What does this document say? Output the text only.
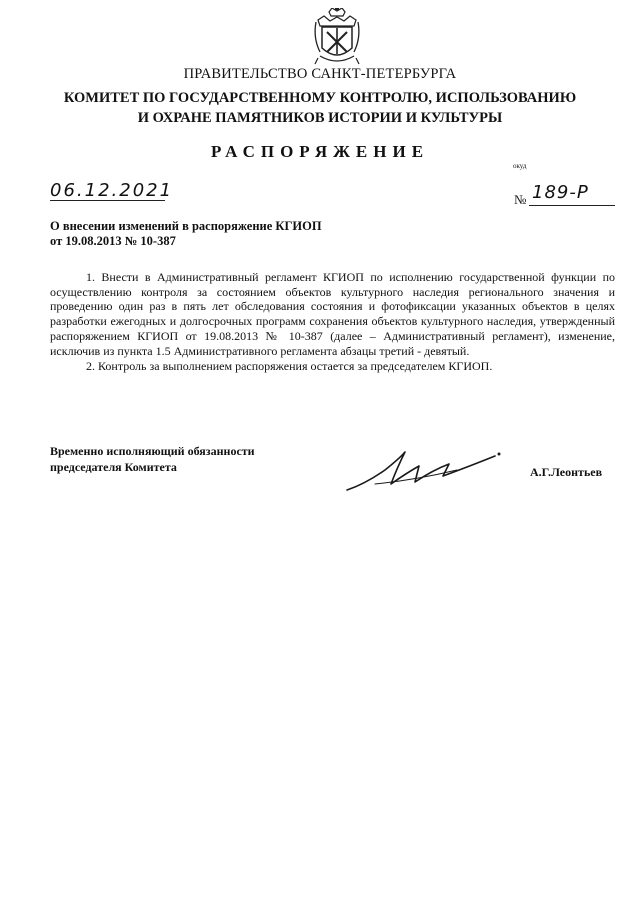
ПРАВИТЕЛЬСТВО САНКТ-ПЕТЕРБУРГА
КОМИТЕТ ПО ГОСУДАРСТВЕННОМУ КОНТРОЛЮ, ИСПОЛЬЗОВАНИЮ
И ОХРАНЕ ПАМЯТНИКОВ ИСТОРИИ И КУЛЬТУРЫ
РАСПОРЯЖЕНИЕ
окуд
06.12.2021	№ 189-Р
О внесении изменений в распоряжение КГИОП
от 19.08.2013 № 10-387

1. Внести в Административный регламент КГИОП по исполнению государственной функции по осуществлению контроля за состоянием объектов культурного наследия регионального значения и проведению один раз в пять лет обследования состояния и фотофиксации указанных объектов в целях разработки ежегодных и долгосрочных программ сохранения объектов культурного наследия, утвержденный распоряжением КГИОП от 19.08.2013 № 10-387 (далее – Административный регламент), изменение, исключив из пункта 1.5 Административного регламента абзацы третий - девятый.

2. Контроль за выполнением распоряжения остается за председателем КГИОП.

Временно исполняющий обязанности
председателя Комитета	А.Г.Леонтьев
